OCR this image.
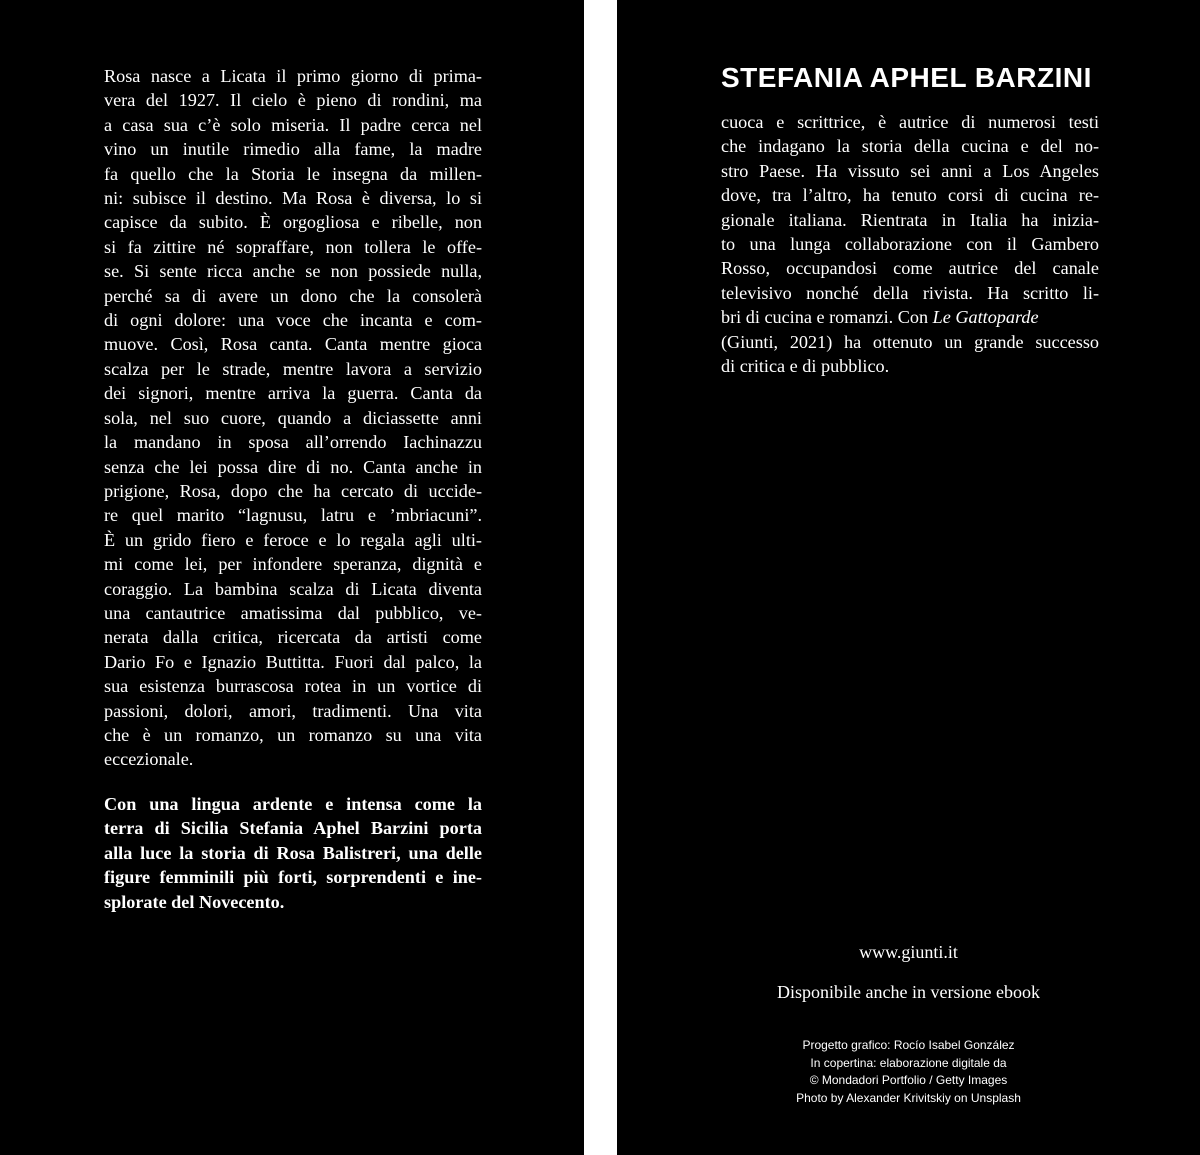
Rosa nasce a Licata il primo giorno di prima-
vera del 1927. Il cielo è pieno di rondini, ma
a casa sua c’è solo miseria. Il padre cerca nel
vino un inutile rimedio alla fame, la madre
fa quello che la Storia le insegna da millen-
ni: subisce il destino. Ma Rosa è diversa, lo si
capisce da subito. È orgogliosa e ribelle, non
si fa zittire né sopraffare, non tollera le offe-
se. Si sente ricca anche se non possiede nulla,
perché sa di avere un dono che la consolerà
di ogni dolore: una voce che incanta e com-
muove. Così, Rosa canta. Canta mentre gioca
scalza per le strade, mentre lavora a servizio
dei signori, mentre arriva la guerra. Canta da
sola, nel suo cuore, quando a diciassette anni
la mandano in sposa all’orrendo Iachinazzu
senza che lei possa dire di no. Canta anche in
prigione, Rosa, dopo che ha cercato di uccide-
re quel marito “lagnusu, latru e ’mbriacuni”.
È un grido fiero e feroce e lo regala agli ulti-
mi come lei, per infondere speranza, dignità e
coraggio. La bambina scalza di Licata diventa
una cantautrice amatissima dal pubblico, ve-
nerata dalla critica, ricercata da artisti come
Dario Fo e Ignazio Buttitta. Fuori dal palco, la
sua esistenza burrascosa rotea in un vortice di
passioni, dolori, amori, tradimenti. Una vita
che è un romanzo, un romanzo su una vita
eccezionale.
Con una lingua ardente e intensa come la
terra di Sicilia Stefania Aphel Barzini porta
alla luce la storia di Rosa Balistreri, una delle
figure femminili più forti, sorprendenti e ine-
splorate del Novecento.
STEFANIA APHEL BARZINI
cuoca e scrittrice, è autrice di numerosi testi
che indagano la storia della cucina e del no-
stro Paese. Ha vissuto sei anni a Los Angeles
dove, tra l’altro, ha tenuto corsi di cucina re-
gionale italiana. Rientrata in Italia ha inizia-
to una lunga collaborazione con il Gambero
Rosso, occupandosi come autrice del canale
televisivo nonché della rivista. Ha scritto li-
bri di cucina e romanzi. Con Le Gattoparde
(Giunti, 2021) ha ottenuto un grande successo
di critica e di pubblico.
www.giunti.it
Disponibile anche in versione ebook
Progetto grafico: Rocío Isabel González
In copertina: elaborazione digitale da
© Mondadori Portfolio / Getty Images
Photo by Alexander Krivitskiy on Unsplash
